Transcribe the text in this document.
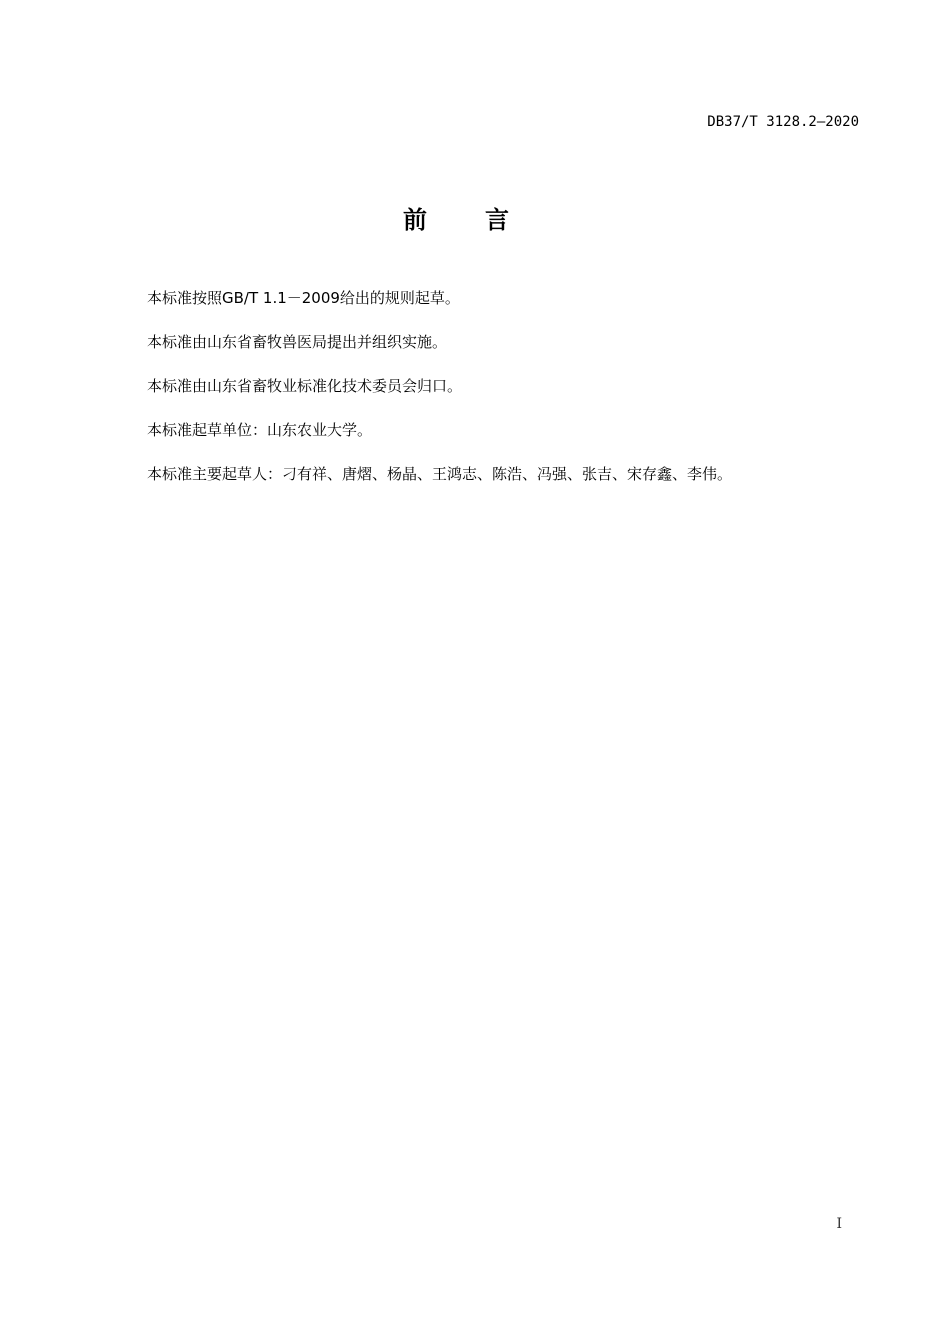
DB37/T 3128.2—2020
前言

本标准按照GB/T 1.1－2009给出的规则起草。

本标准由山东省畜牧兽医局提出并组织实施。

本标准由山东省畜牧业标准化技术委员会归口。

本标准起草单位：山东农业大学。

本标准主要起草人：刁有祥、唐熠、杨晶、王鸿志、陈浩、冯强、张吉、宋存鑫、李伟。

I
